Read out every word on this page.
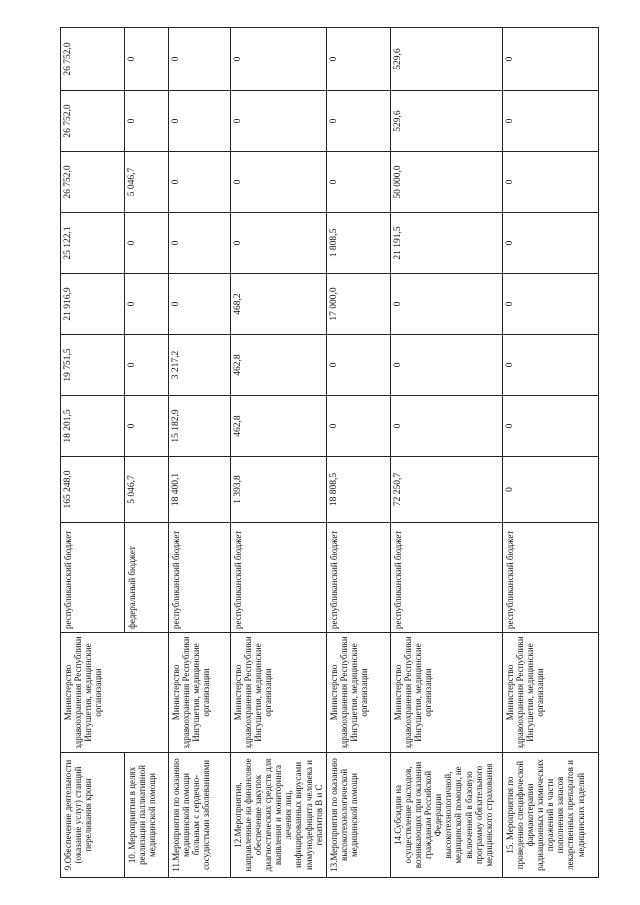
9.Обеспечение деятельности (оказание услуг) станций переливания крови	Министерство здравоохранения Республики Ингушетия, медицинские организации	республиканский бюджет	165 248,0	18 201,5	19 751,5	21 916,9	25 122,1	26 752,0	26 752,0	26 752,0
10. Мероприятия в целях реализации паллиативной медицинской помощи		федеральный бюджет	5 046,7	0	0	0	0	5 046,7	0	0
11.Мероприятия по оказанию медицинской помощи больным с сердечно-сосудистыми заболеваниями	Министерство здравоохранения Республики Ингушетия, медицинские организации	республиканский бюджет	18 400,1	15 182,9	3 217,2	0	0	0	0	0
12.Мероприятия, направленные на финансовое обеспечение закупок диагностических средств для выявления и мониторинга лечения лиц, инфицированных вирусами иммунодефицита человека и гепатитов B и C	Министерство здравоохранения Республики Ингушетия, медицинские организации	республиканский бюджет	1 393,8	462,8	462,8	468,2	0	0	0	0
13.Мероприятия по оказанию высокотехнологической медицинской помощи	Министерство здравоохранения Республики Ингушетия, медицинские организации	республиканский бюджет	18 808,5	0	0	17 000,0	1 808,5	0	0	0
14.Субсидии на осуществление расходов, возникающих при оказании гражданам Российской Федерации высокотехнологичной, медицинской помощи, не включенной в базовую программу обязательного медицинского страхования	Министерство здравоохранения Республики Ингушетия, медицинские организации	республиканский бюджет	72 250,7	0	0	0	21 191,5	50 000,0	529,6	529,6
15. Мероприятия по проведению специфической фармакотерапии радиационных и химических поражений в части пополнения запасов лекарственных препаратов и медицинских изделий	Министерство здравоохранения Республики Ингушетия, медицинские организации	республиканский бюджет	0	0	0	0	0	0	0	0
